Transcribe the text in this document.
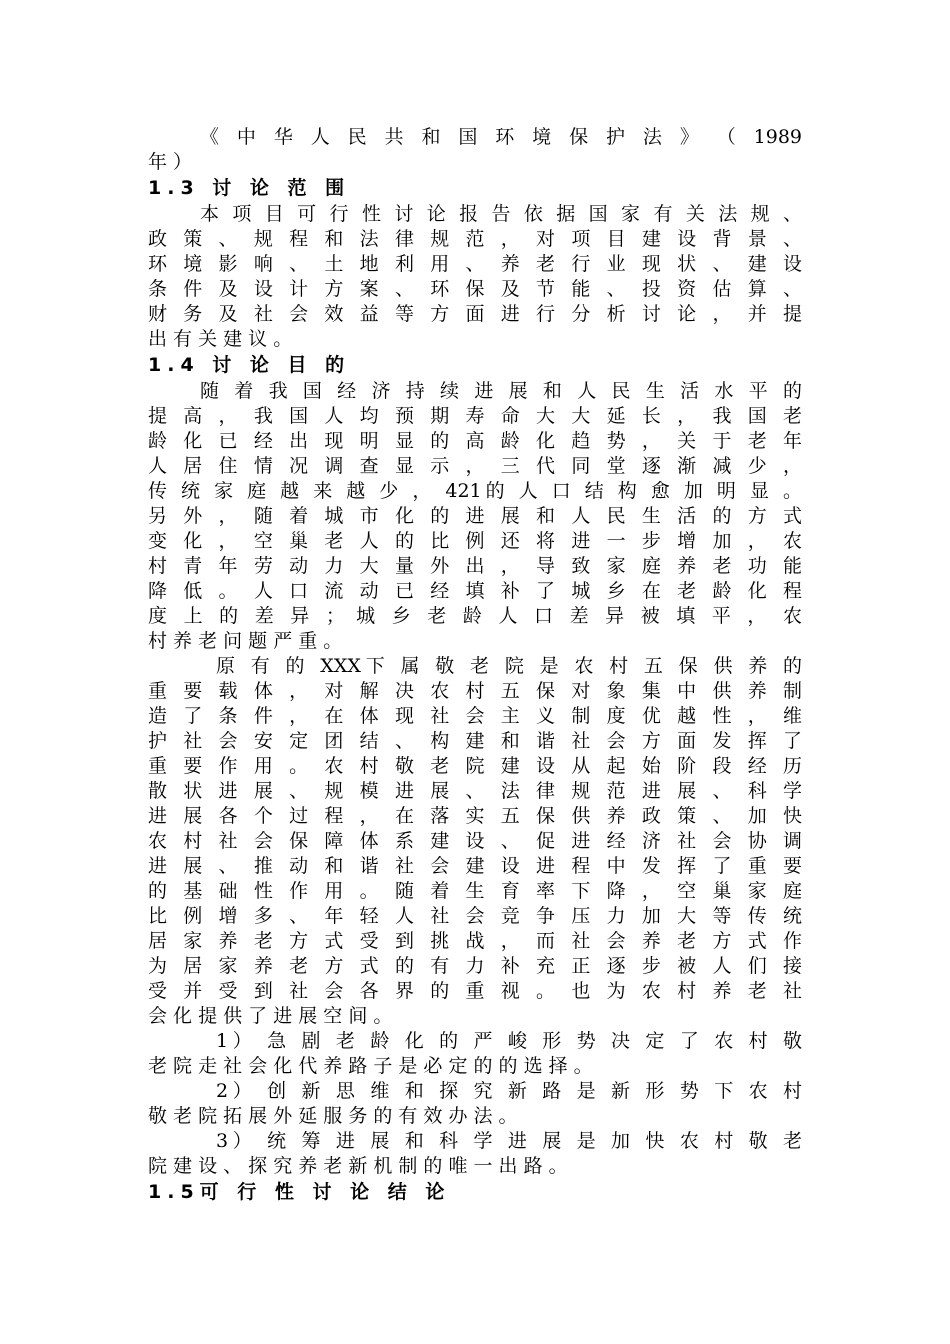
《 中 华 人 民 共 和 国 环 境 保 护 法 》 （ 1989
年 ）
1.3 讨 论 范 围
本 项 目 可 行 性 讨 论 报 告 依 据 国 家 有 关 法 规 、
政 策 、 规 程 和 法 律 规 范 ， 对 项 目 建 设 背 景 、
环 境 影 响 、 土 地 利 用 、 养 老 行 业 现 状 、 建 设
条 件 及 设 计 方 案 、 环 保 及 节 能 、 投 资 估 算 、
财 务 及 社 会 效 益 等 方 面 进 行 分 析 讨 论 ， 并 提
出 有 关 建 议 。
1.4 讨 论 目 的
随 着 我 国 经 济 持 续 进 展 和 人 民 生 活 水 平 的
提 高 ， 我 国 人 均 预 期 寿 命 大 大 延 长 ， 我 国 老
龄 化 已 经 出 现 明 显 的 高 龄 化 趋 势 ， 关 于 老 年
人 居 住 情 况 调 查 显 示 ， 三 代 同 堂 逐 渐 减 少 ，
传 统 家 庭 越 来 越 少 ， 421的 人 口 结 构 愈 加 明 显 。
另 外 ， 随 着 城 市 化 的 进 展 和 人 民 生 活 的 方 式
变 化 ， 空 巢 老 人 的 比 例 还 将 进 一 步 增 加 ， 农
村 青 年 劳 动 力 大 量 外 出 ， 导 致 家 庭 养 老 功 能
降 低 。 人 口 流 动 已 经 填 补 了 城 乡 在 老 龄 化 程
度 上 的 差 异 ； 城 乡 老 龄 人 口 差 异 被 填 平 ， 农
村 养 老 问 题 严 重 。
原 有 的 XXX下 属 敬 老 院 是 农 村 五 保 供 养 的
重 要 载 体 ， 对 解 决 农 村 五 保 对 象 集 中 供 养 制
造 了 条 件 ， 在 体 现 社 会 主 义 制 度 优 越 性 ， 维
护 社 会 安 定 团 结 、 构 建 和 谐 社 会 方 面 发 挥 了
重 要 作 用 。 农 村 敬 老 院 建 设 从 起 始 阶 段 经 历
散 状 进 展 、 规 模 进 展 、 法 律 规 范 进 展 、 科 学
进 展 各 个 过 程 ， 在 落 实 五 保 供 养 政 策 、 加 快
农 村 社 会 保 障 体 系 建 设 、 促 进 经 济 社 会 协 调
进 展 、 推 动 和 谐 社 会 建 设 进 程 中 发 挥 了 重 要
的 基 础 性 作 用 。 随 着 生 育 率 下 降 ， 空 巢 家 庭
比 例 增 多 、 年 轻 人 社 会 竞 争 压 力 加 大 等 传 统
居 家 养 老 方 式 受 到 挑 战 ， 而 社 会 养 老 方 式 作
为 居 家 养 老 方 式 的 有 力 补 充 正 逐 步 被 人 们 接
受 并 受 到 社 会 各 界 的 重 视 。 也 为 农 村 养 老 社
会 化 提 供 了 进 展 空 间 。
1） 急 剧 老 龄 化 的 严 峻 形 势 决 定 了 农 村 敬
老 院 走 社 会 化 代 养 路 子 是 必 定 的 的 选 择 。
2） 创 新 思 维 和 探 究 新 路 是 新 形 势 下 农 村
敬 老 院 拓 展 外 延 服 务 的 有 效 办 法 。
3） 统 筹 进 展 和 科 学 进 展 是 加 快 农 村 敬 老
院 建 设 、 探 究 养 老 新 机 制 的 唯 一 出 路 。
1.5可 行 性 讨 论 结 论
